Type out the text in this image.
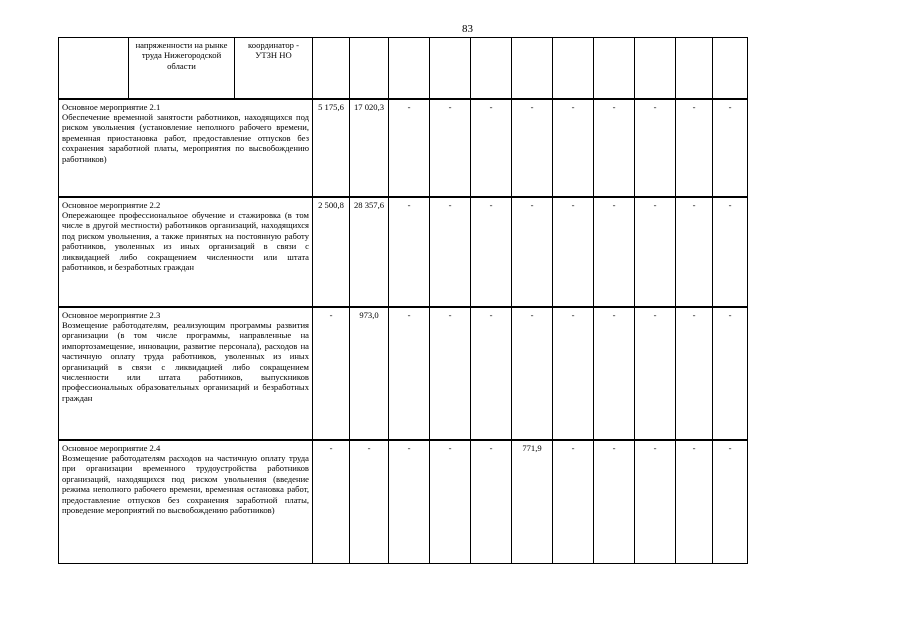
83
	напряженности на рынке труда Нижегородской области	координатор - УТЗН НО											

Основное мероприятие 2.1
Обеспечение временной занятости работников, находящихся под риском увольнения (установление неполного рабочего времени, временная приостановка работ, предоставление отпусков без сохранения заработной платы, мероприятия по высвобождению работников)			5 175,6	17 020,3	-	-	-	-	-	-	-	-	-

Основное мероприятие 2.2
Опережающее профессиональное обучение и стажировка (в том числе в другой местности) работников организаций, находящихся под риском увольнения, а также принятых на постоянную работу работников, уволенных из иных организаций в связи с ликвидацией либо сокращением численности или штата работников, и безработных граждан			2 500,8	28 357,6	-	-	-	-	-	-	-	-	-

Основное мероприятие 2.3
Возмещение работодателям, реализующим программы развития организации (в том числе программы, направленные на импортозамещение, инновации, развитие персонала), расходов на частичную оплату труда работников, уволенных из иных организаций в связи с ликвидацией либо сокращением численности или штата работников, выпускников профессиональных образовательных организаций и безработных граждан			-	973,0	-	-	-	-	-	-	-	-	-

Основное мероприятие 2.4
Возмещение работодателям расходов на частичную оплату труда при организации временного трудоустройства работников организаций, находящихся под риском увольнения (введение режима неполного рабочего времени, временная остановка работ, предоставление отпусков без сохранения заработной платы, проведение мероприятий по высвобождению работников)			-	-	-	-	-	771,9	-	-	-	-	-
